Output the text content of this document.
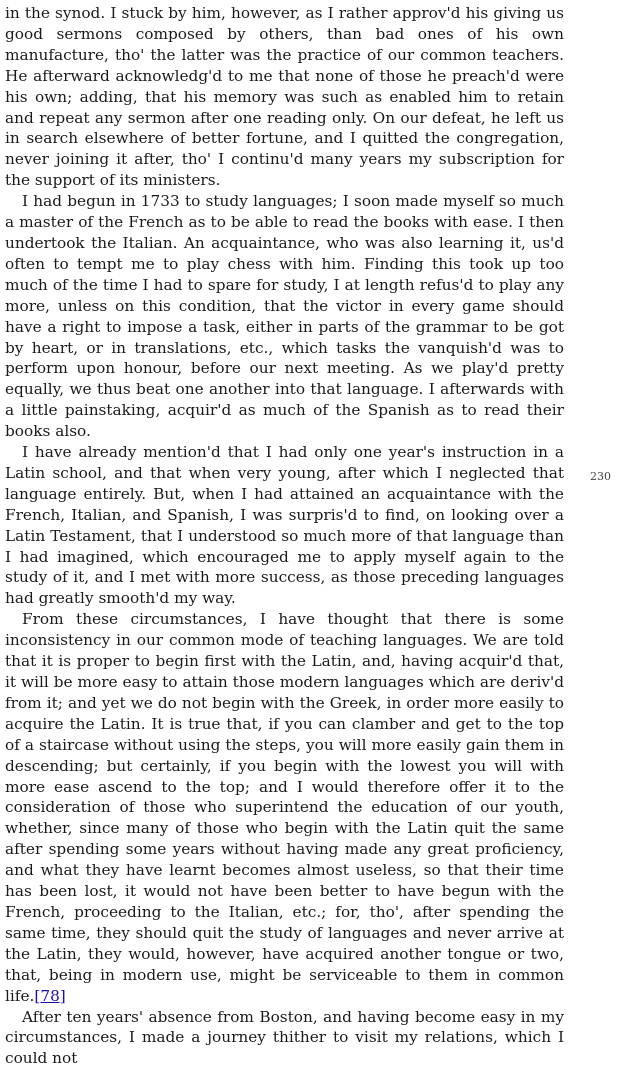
in the synod. I stuck by him, however, as I rather approv'd his giving us good sermons composed by others, than bad ones of his own manufacture, tho' the latter was the practice of our common teachers. He afterward acknowledg'd to me that none of those he preach'd were his own; adding, that his memory was such as enabled him to retain and repeat any sermon after one reading only. On our defeat, he left us in search elsewhere of better fortune, and I quitted the congregation, never joining it after, tho' I continu'd many years my subscription for the support of its ministers.

I had begun in 1733 to study languages; I soon made myself so much a master of the French as to be able to read the books with ease. I then undertook the Italian. An acquaintance, who was also learning it, us'd often to tempt me to play chess with him. Finding this took up too much of the time I had to spare for study, I at length refus'd to play any more, unless on this condition, that the victor in every game should have a right to impose a task, either in parts of the grammar to be got by heart, or in translations, etc., which tasks the vanquish'd was to perform upon honour, before our next meeting. As we play'd pretty equally, we thus beat one another into that language. I afterwards with a little painstaking, acquir'd as much of the Spanish as to read their books also.

I have already mention'd that I had only one year's instruction in a Latin school, and that when very young, after which I neglected that language entirely. But, when I had attained an acquaintance with the French, Italian, and Spanish, I was surpris'd to find, on looking over a Latin Testament, that I understood so much more of that language than I had imagined, which encouraged me to apply myself again to the study of it, and I met with more success, as those preceding languages had greatly smooth'd my way.

From these circumstances, I have thought that there is some inconsistency in our common mode of teaching languages. We are told that it is proper to begin first with the Latin, and, having acquir'd that, it will be more easy to attain those modern languages which are deriv'd from it; and yet we do not begin with the Greek, in order more easily to acquire the Latin. It is true that, if you can clamber and get to the top of a staircase without using the steps, you will more easily gain them in descending; but certainly, if you begin with the lowest you will with more ease ascend to the top; and I would therefore offer it to the consideration of those who superintend the education of our youth, whether, since many of those who begin with the Latin quit the same after spending some years without having made any great proficiency, and what they have learnt becomes almost useless, so that their time has been lost, it would not have been better to have begun with the French, proceeding to the Italian, etc.; for, tho', after spending the same time, they should quit the study of languages and never arrive at the Latin, they would, however, have acquired another tongue or two, that, being in modern use, might be serviceable to them in common life.[78]

After ten years' absence from Boston, and having become easy in my circumstances, I made a journey thither to visit my relations, which I could not

230
